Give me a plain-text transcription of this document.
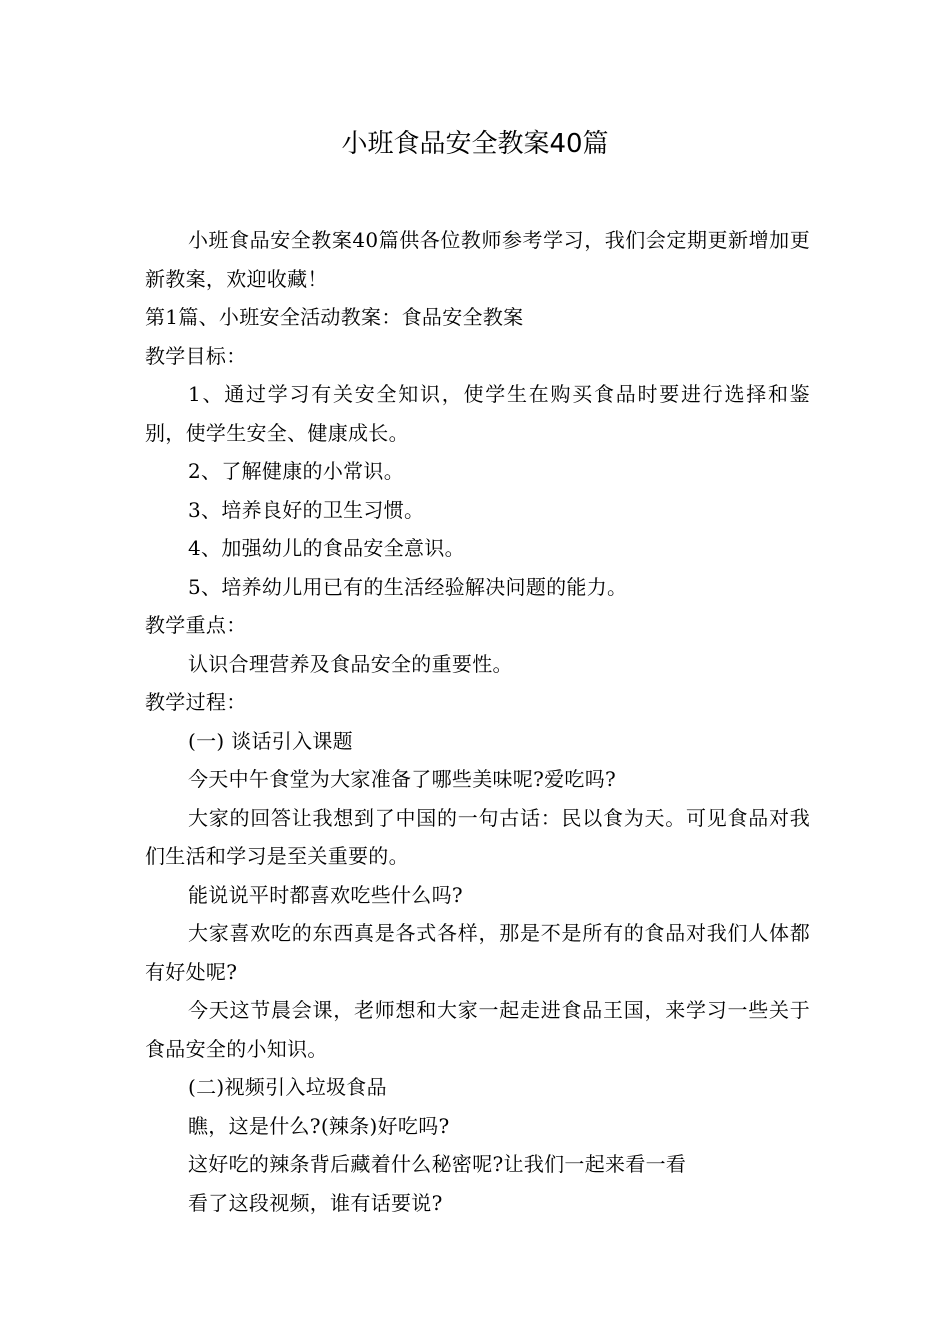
小班食品安全教案40篇

小班食品安全教案40篇供各位教师参考学习，我们会定期更新增加更新教案，欢迎收藏！

第1篇、小班安全活动教案：食品安全教案

教学目标：

1、通过学习有关安全知识，使学生在购买食品时要进行选择和鉴别，使学生安全、健康成长。

2、了解健康的小常识。

3、培养良好的卫生习惯。

4、加强幼儿的食品安全意识。

5、培养幼儿用已有的生活经验解决问题的能力。

教学重点：

认识合理营养及食品安全的重要性。

教学过程：

(一) 谈话引入课题

今天中午食堂为大家准备了哪些美味呢?爱吃吗?

大家的回答让我想到了中国的一句古话：民以食为天。可见食品对我们生活和学习是至关重要的。

能说说平时都喜欢吃些什么吗?

大家喜欢吃的东西真是各式各样，那是不是所有的食品对我们人体都有好处呢?

今天这节晨会课，老师想和大家一起走进食品王国，来学习一些关于食品安全的小知识。

(二)视频引入垃圾食品

瞧，这是什么?(辣条)好吃吗?

这好吃的辣条背后藏着什么秘密呢?让我们一起来看一看

看了这段视频，谁有话要说?
